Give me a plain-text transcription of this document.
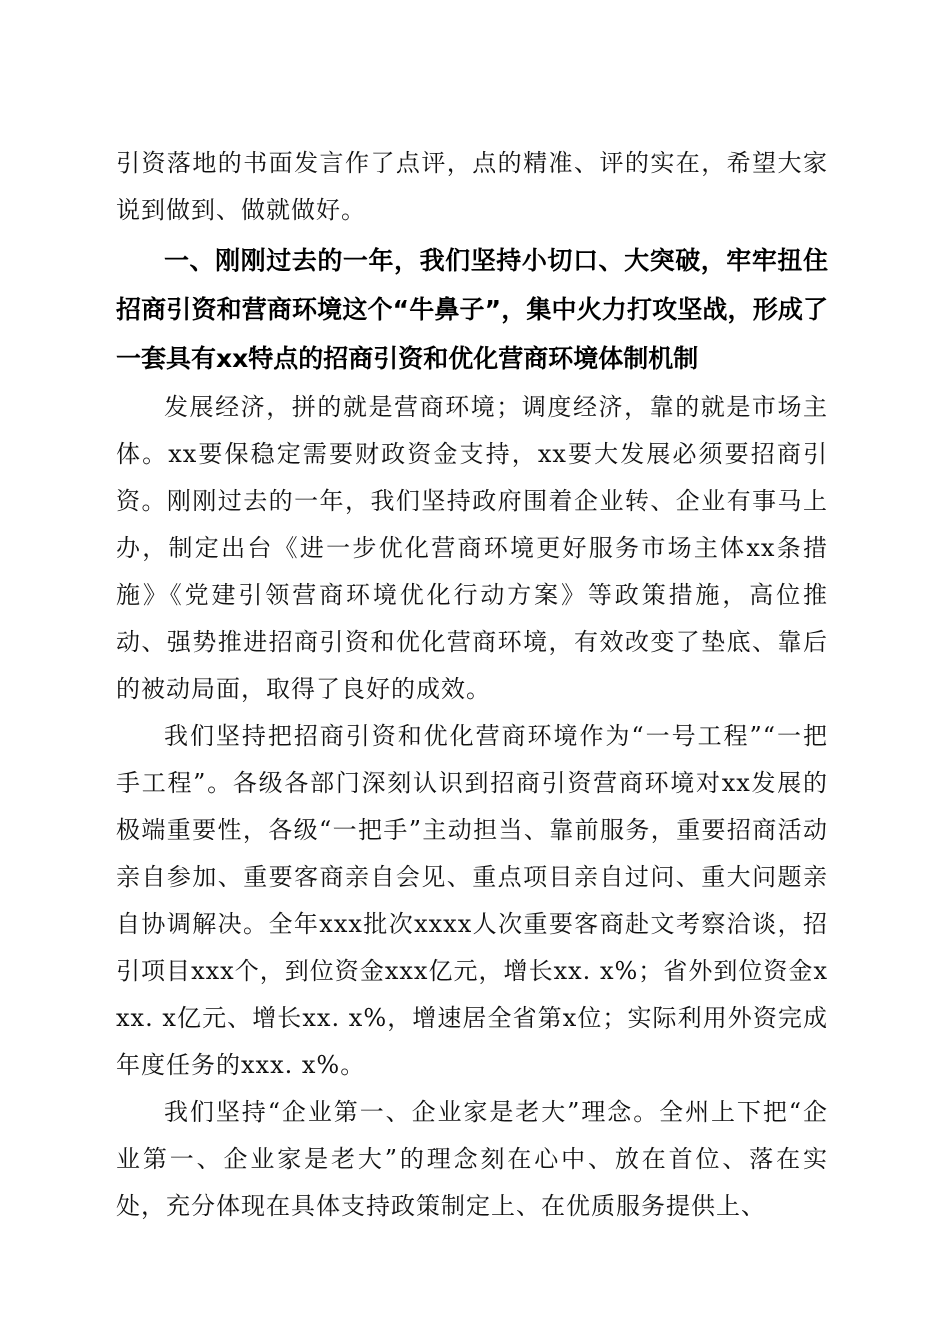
引资落地的书面发言作了点评，点的精准、评的实在，希望大家说到做到、做就做好。

一、刚刚过去的一年，我们坚持小切口、大突破，牢牢扭住招商引资和营商环境这个“牛鼻子”，集中火力打攻坚战，形成了一套具有xx特点的招商引资和优化营商环境体制机制

发展经济，拼的就是营商环境；调度经济，靠的就是市场主体。xx要保稳定需要财政资金支持，xx要大发展必须要招商引资。刚刚过去的一年，我们坚持政府围着企业转、企业有事马上办，制定出台《进一步优化营商环境更好服务市场主体xx条措施》《党建引领营商环境优化行动方案》等政策措施，高位推动、强势推进招商引资和优化营商环境，有效改变了垫底、靠后的被动局面，取得了良好的成效。

我们坚持把招商引资和优化营商环境作为“一号工程”“一把手工程”。各级各部门深刻认识到招商引资营商环境对xx发展的极端重要性，各级“一把手”主动担当、靠前服务，重要招商活动亲自参加、重要客商亲自会见、重点项目亲自过问、重大问题亲自协调解决。全年xxx批次xxxx人次重要客商赴文考察洽谈，招引项目xxx个，到位资金xxx亿元，增长xx. x%；省外到位资金xxx. x亿元、增长xx. x%，增速居全省第x位；实际利用外资完成年度任务的xxx. x%。

我们坚持“企业第一、企业家是老大”理念。全州上下把“企业第一、企业家是老大”的理念刻在心中、放在首位、落在实处，充分体现在具体支持政策制定上、在优质服务提供上、
